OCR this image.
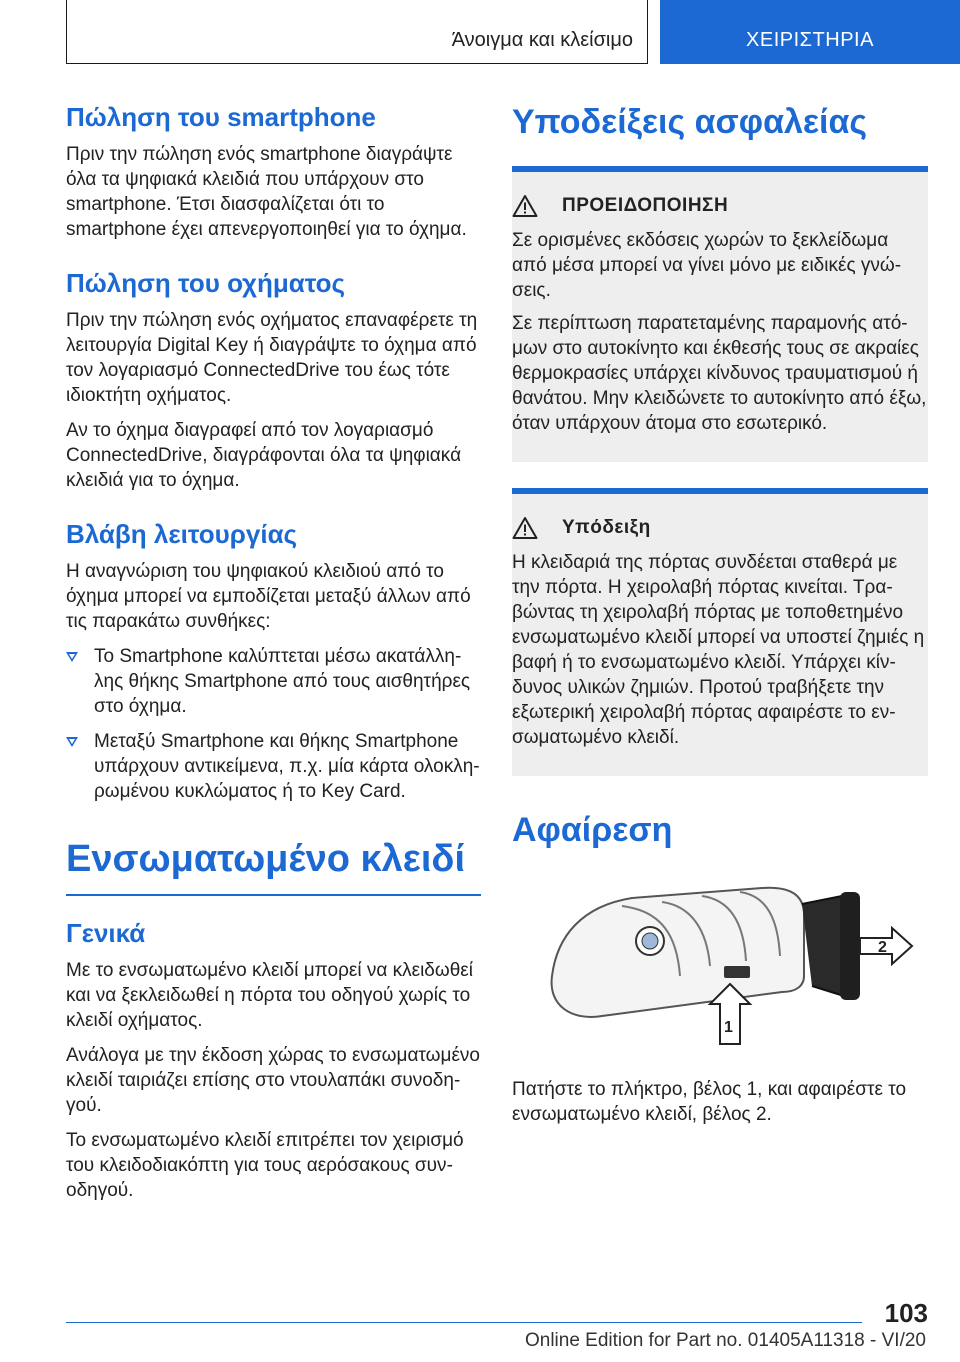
Άνοιγμα και κλείσιμο	ΧΕΙΡΙΣΤΗΡΙΑ
Πώληση του smartphone

Πριν την πώληση ενός smartphone διαγράψτε όλα τα ψηφιακά κλειδιά που υπάρχουν στο smartphone. Έτσι διασφαλίζεται ότι το smartphone έχει απενεργοποιηθεί για το όχημα.

Πώληση του οχήματος

Πριν την πώληση ενός οχήματος επαναφέρετε τη λειτουργία Digital Key ή διαγράψτε το όχημα από τον λογαριασμό ConnectedDrive του έως τότε ιδιοκτήτη οχήματος.

Αν το όχημα διαγραφεί από τον λογαριασμό ConnectedDrive, διαγράφονται όλα τα ψηφιακά κλειδιά για το όχημα.

Βλάβη λειτουργίας

Η αναγνώριση του ψηφιακού κλειδιού από το όχημα μπορεί να εμποδίζεται μεταξύ άλλων από τις παρακάτω συνθήκες:

Το Smartphone καλύπτεται μέσω ακατάλληλης θήκης Smartphone από τους αισθητήρες στο όχημα.
Μεταξύ Smartphone και θήκης Smartphone υπάρχουν αντικείμενα, π.χ. μία κάρτα ολοκληρωμένου κυκλώματος ή το Key Card.
Ενσωματωμένο κλειδί
Γενικά

Με το ενσωματωμένο κλειδί μπορεί να κλειδωθεί και να ξεκλειδωθεί η πόρτα του οδηγού χωρίς το κλειδί οχήματος.

Ανάλογα με την έκδοση χώρας το ενσωματωμένο κλειδί ταιριάζει επίσης στο ντουλαπάκι συνοδηγού.

Το ενσωματωμένο κλειδί επιτρέπει τον χειρισμό του κλειδοδιακόπτη για τους αερόσακους συνοδηγού.

Υποδείξεις ασφαλείας
ΠΡΟΕΙΔΟΠΟΙΗΣΗ

Σε ορισμένες εκδόσεις χωρών το ξεκλείδωμα από μέσα μπορεί να γίνει μόνο με ειδικές γνώσεις.

Σε περίπτωση παρατεταμένης παραμονής ατόμων στο αυτοκίνητο και έκθεσής τους σε ακραίες θερμοκρασίες υπάρχει κίνδυνος τραυματισμού ή θανάτου. Μην κλειδώνετε το αυτοκίνητο από έξω, όταν υπάρχουν άτομα στο εσωτερικό.

Υπόδειξη

Η κλειδαριά της πόρτας συνδέεται σταθερά με την πόρτα. Η χειρολαβή πόρτας κινείται. Τραβώντας τη χειρολαβή πόρτας με τοποθετημένο ενσωματωμένο κλειδί μπορεί να υποστεί ζημιές η βαφή ή το ενσωματωμένο κλειδί. Υπάρχει κίνδυνος υλικών ζημιών. Προτού τραβήξετε την εξωτερική χειρολαβή πόρτας αφαιρέστε το ενσωματωμένο κλειδί.

Αφαίρεση
2
1

Πατήστε το πλήκτρο, βέλος 1, και αφαιρέστε το ενσωματωμένο κλειδί, βέλος 2.

103
Online Edition for Part no. 01405A11318 - VI/20
